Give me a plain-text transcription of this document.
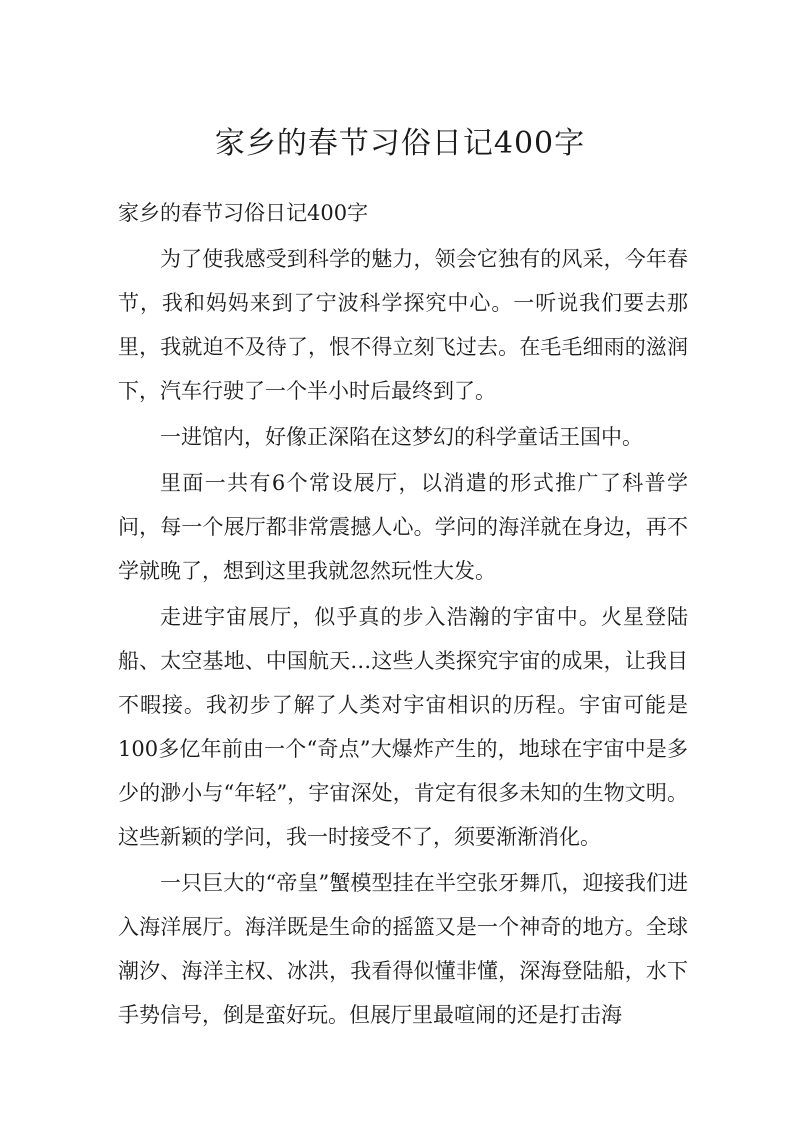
家乡的春节习俗日记400字

家乡的春节习俗日记400字

为了使我感受到科学的魅力，领会它独有的风采，今年春节，我和妈妈来到了宁波科学探究中心。一听说我们要去那里，我就迫不及待了，恨不得立刻飞过去。在毛毛细雨的滋润下，汽车行驶了一个半小时后最终到了。

一进馆内，好像正深陷在这梦幻的科学童话王国中。

里面一共有6个常设展厅，以消遣的形式推广了科普学问，每一个展厅都非常震撼人心。学问的海洋就在身边，再不学就晚了，想到这里我就忽然玩性大发。

走进宇宙展厅，似乎真的步入浩瀚的宇宙中。火星登陆船、太空基地、中国航天…这些人类探究宇宙的成果，让我目不暇接。我初步了解了人类对宇宙相识的历程。宇宙可能是100多亿年前由一个“奇点”大爆炸产生的，地球在宇宙中是多少的渺小与“年轻”，宇宙深处，肯定有很多未知的生物文明。这些新颖的学问，我一时接受不了，须要渐渐消化。

一只巨大的“帝皇”蟹模型挂在半空张牙舞爪，迎接我们进入海洋展厅。海洋既是生命的摇篮又是一个神奇的地方。全球潮汐、海洋主权、冰洪，我看得似懂非懂，深海登陆船，水下手势信号，倒是蛮好玩。但展厅里最喧闹的还是打击海
